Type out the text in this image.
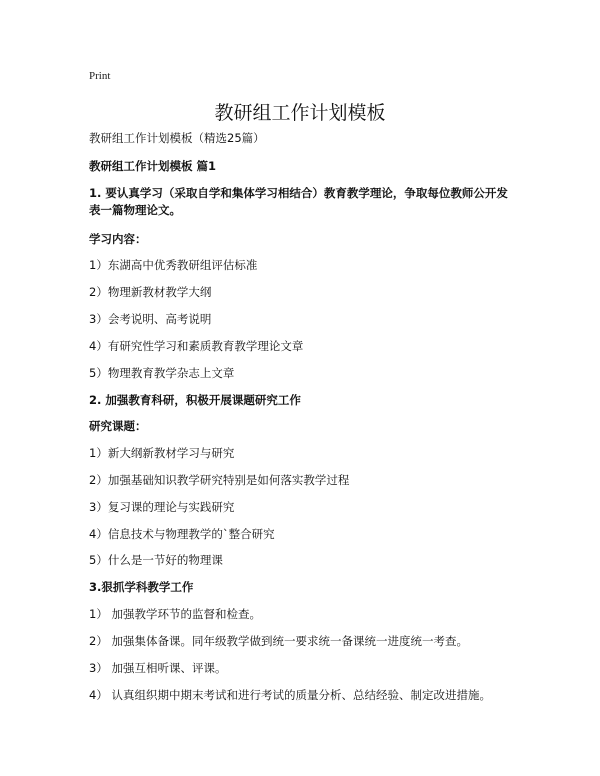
Print
教研组工作计划模板

教研组工作计划模板（精选25篇）

教研组工作计划模板 篇1

1. 要认真学习（采取自学和集体学习相结合）教育教学理论，争取每位教师公开发表一篇物理论文。

学习内容：

1）东湖高中优秀教研组评估标准

2）物理新教材教学大纲

3）会考说明、高考说明

4）有研究性学习和素质教育教学理论文章

5）物理教育教学杂志上文章

2. 加强教育科研，积极开展课题研究工作

研究课题：

1）新大纲新教材学习与研究

2）加强基础知识教学研究特别是如何落实教学过程

3）复习课的理论与实践研究

4）信息技术与物理教学的`整合研究

5）什么是一节好的物理课

3.狠抓学科教学工作

1） 加强教学环节的监督和检查。

2） 加强集体备课。同年级教学做到统一要求统一备课统一进度统一考查。

3） 加强互相听课、评课。

4） 认真组织期中期末考试和进行考试的质量分析、总结经验、制定改进措施。
